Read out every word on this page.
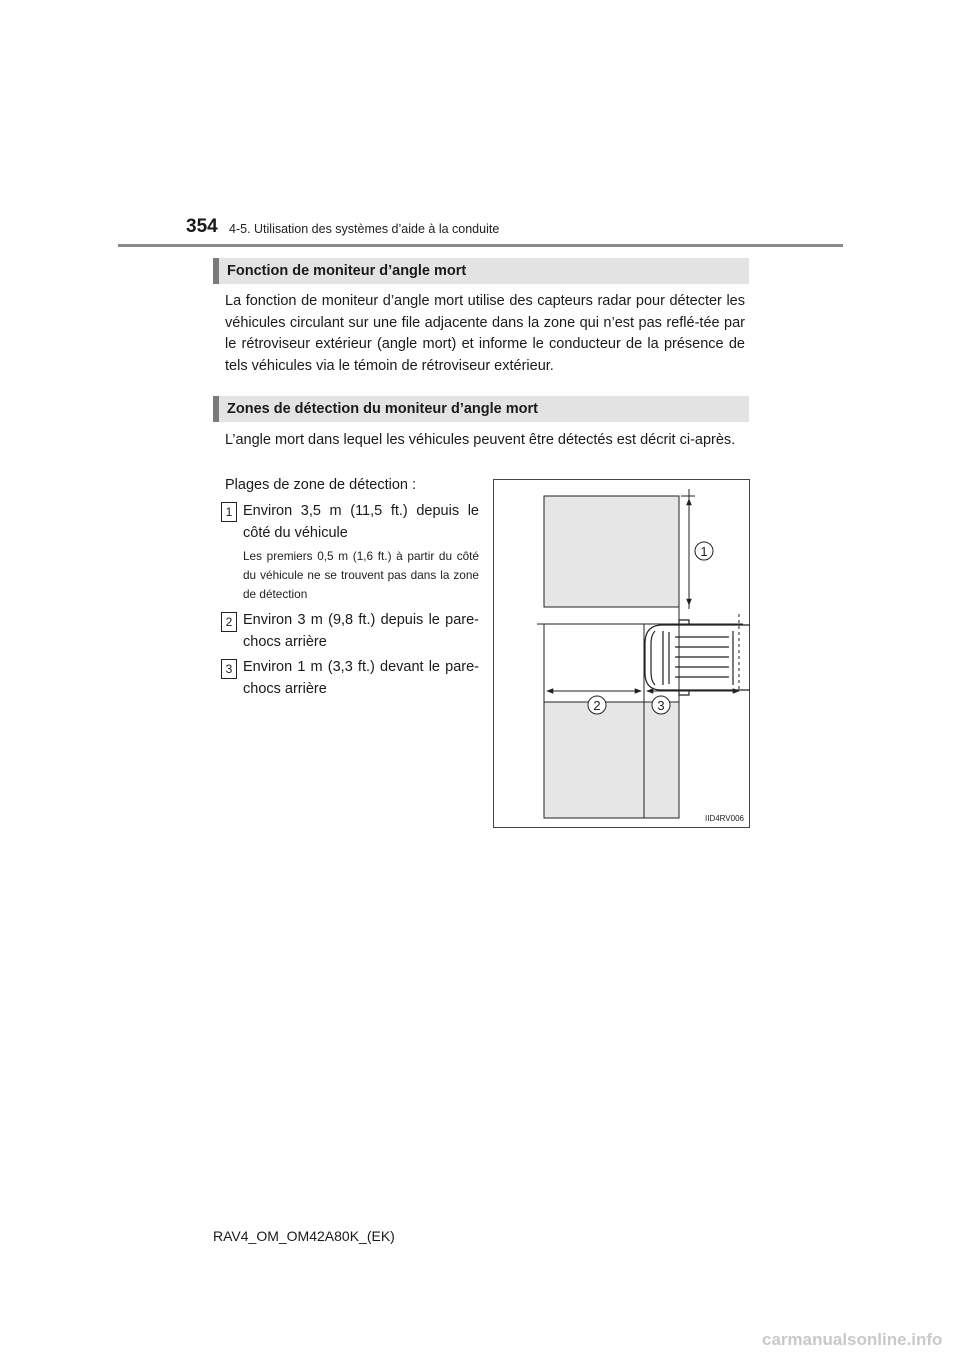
354 4-5. Utilisation des systèmes d’aide à la conduite
Fonction de moniteur d’angle mort
La fonction de moniteur d’angle mort utilise des capteurs radar pour détecter les véhicules circulant sur une file adjacente dans la zone qui n’est pas reflé-tée par le rétroviseur extérieur (angle mort) et informe le conducteur de la présence de tels véhicules via le témoin de rétroviseur extérieur.
Zones de détection du moniteur d’angle mort
L’angle mort dans lequel les véhicules peuvent être détectés est décrit ci-après.
Plages de zone de détection :
1 Environ 3,5 m (11,5 ft.) depuis le côté du véhicule
Les premiers 0,5 m (1,6 ft.) à partir du côté du véhicule ne se trouvent pas dans la zone de détection
2 Environ 3 m (9,8 ft.) depuis le pare-chocs arrière
3 Environ 1 m (3,3 ft.) devant le pare-chocs arrière
1
2	3
IID4RV006
RAV4_OM_OM42A80K_(EK)
carmanualsonline.info
